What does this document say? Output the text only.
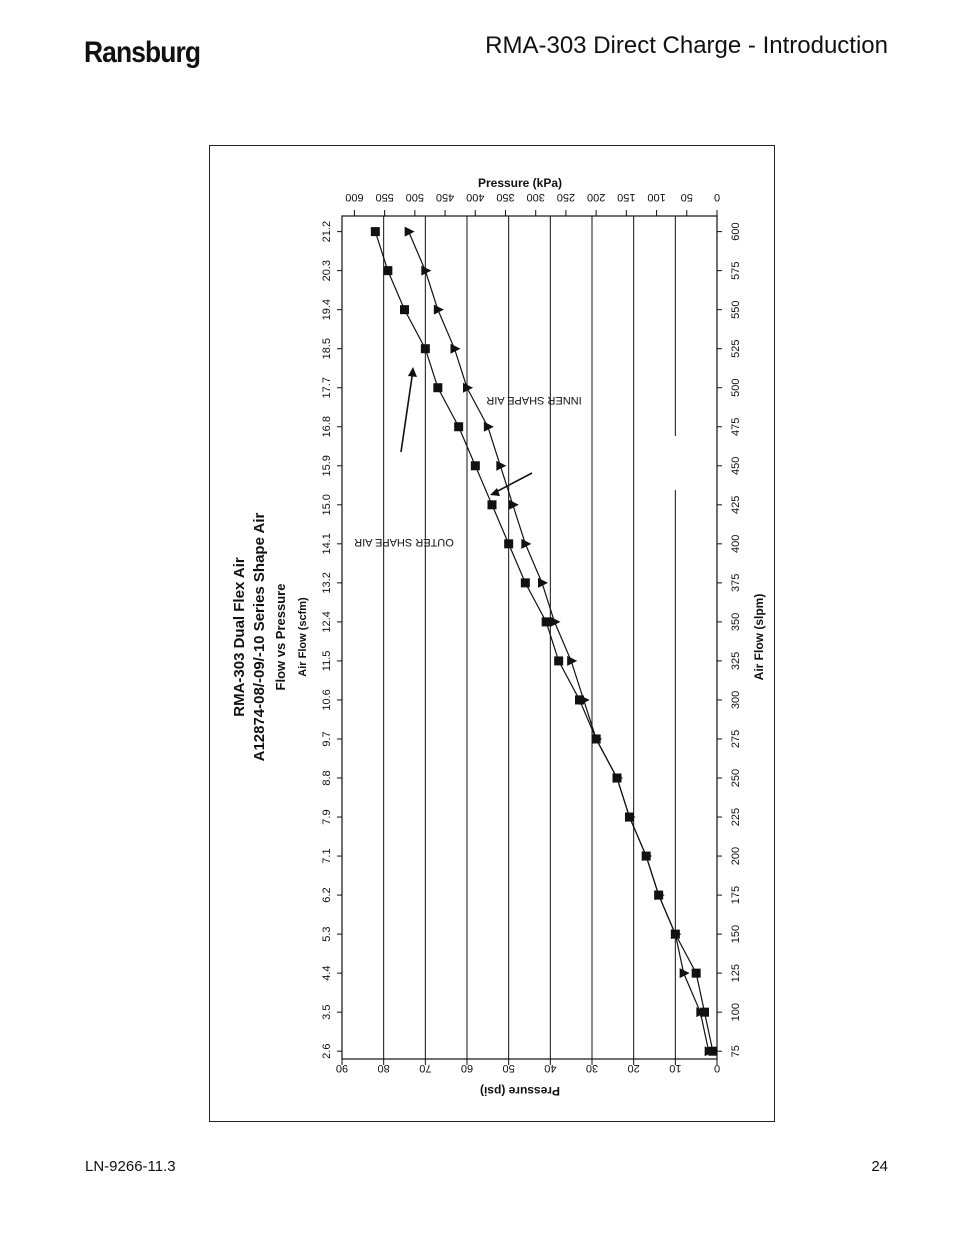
Ransburg	RMA-303 Direct Charge - Introduction
RMA-303 Dual Flex Air A12874-08/-09/-10 Series Shape Air Flow vs Pressure Air Flow (scfm)	Air Flow (slpm)
Pressure (psi)
Pressure (kPa)
0
10
20
30
40
50
60
70
80
90
0
50
100
150
200
250
300
350
400
450
500
550
600
75
2.6
100
3.5
125
4.4
150
5.3
175
6.2
200
7.1
225
7.9
250
8.8
275
9.7
300
10.6
325
11.5
350
12.4
375
13.2
400
14.1
425
15.0
450
15.9
475
16.8
500
17.7
525
18.5
550
19.4
575
20.3
600
21.2
OUTER SHAPE AIR
INNER SHAPE AIR
LN-9266-11.3	24
